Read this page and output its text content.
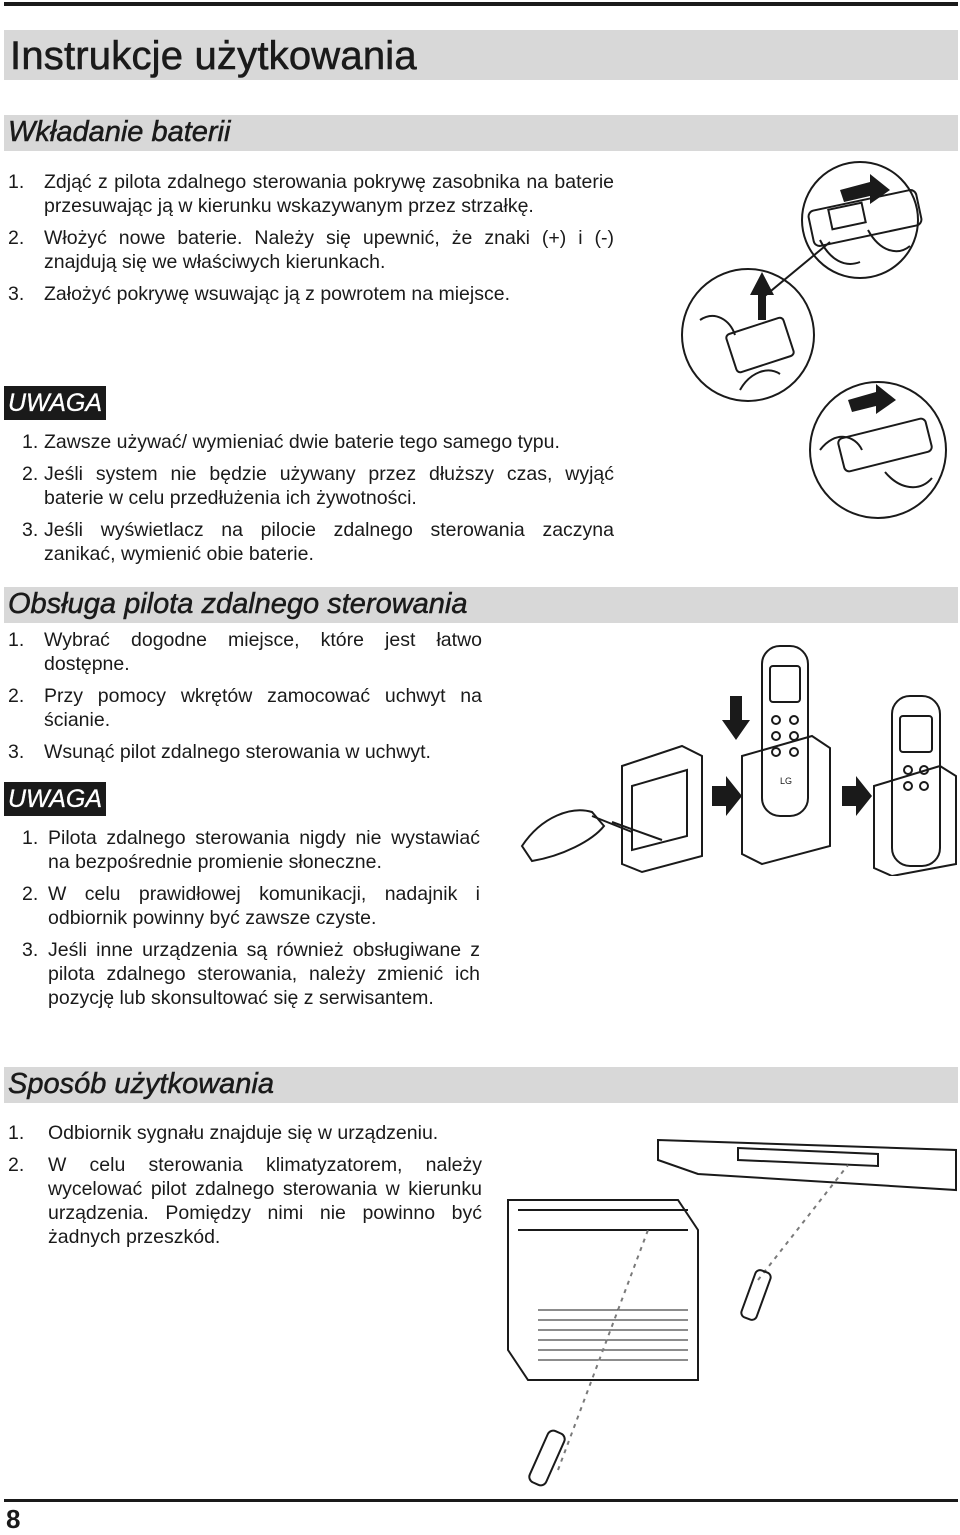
Instrukcje użytkowania
Wkładanie baterii
1. Zdjąć z pilota zdalnego sterowania pokrywę zasobnika na baterie przesuwając ją w kierunku wskazywanym przez strzałkę.
2. Włożyć nowe baterie. Należy się upewnić, że znaki (+) i (-) znajdują się we właściwych kierunkach.
3. Założyć pokrywę wsuwając ją z powrotem na miejsce.
UWAGA
1. Zawsze używać/ wymieniać dwie baterie tego samego typu.
2. Jeśli system nie będzie używany przez dłuższy czas, wyjąć baterie w celu przedłużenia ich żywotności.
3. Jeśli wyświetlacz na pilocie zdalnego sterowania zaczyna zanikać, wymienić obie baterie.
Obsługa pilota zdalnego sterowania
1. Wybrać dogodne miejsce, które jest łatwo dostępne.
2. Przy pomocy wkrętów zamocować uchwyt na ścianie.
3. Wsunąć pilot zdalnego sterowania w uchwyt.
UWAGA
1. Pilota zdalnego sterowania nigdy nie wystawiać na bezpośrednie promienie słoneczne.
2. W celu prawidłowej komunikacji, nadajnik i odbiornik powinny być zawsze czyste.
3. Jeśli inne urządzenia są również obsługiwane z pilota zdalnego sterowania, należy zmienić ich pozycję lub skonsultować się z serwisantem.
LG
Sposób użytkowania
1. Odbiornik sygnału znajduje się w urządzeniu.
2. W celu sterowania klimatyzatorem, należy wycelować pilot zdalnego sterowania w kierunku urządzenia. Pomiędzy nimi nie powinno być żadnych przeszkód.
8
